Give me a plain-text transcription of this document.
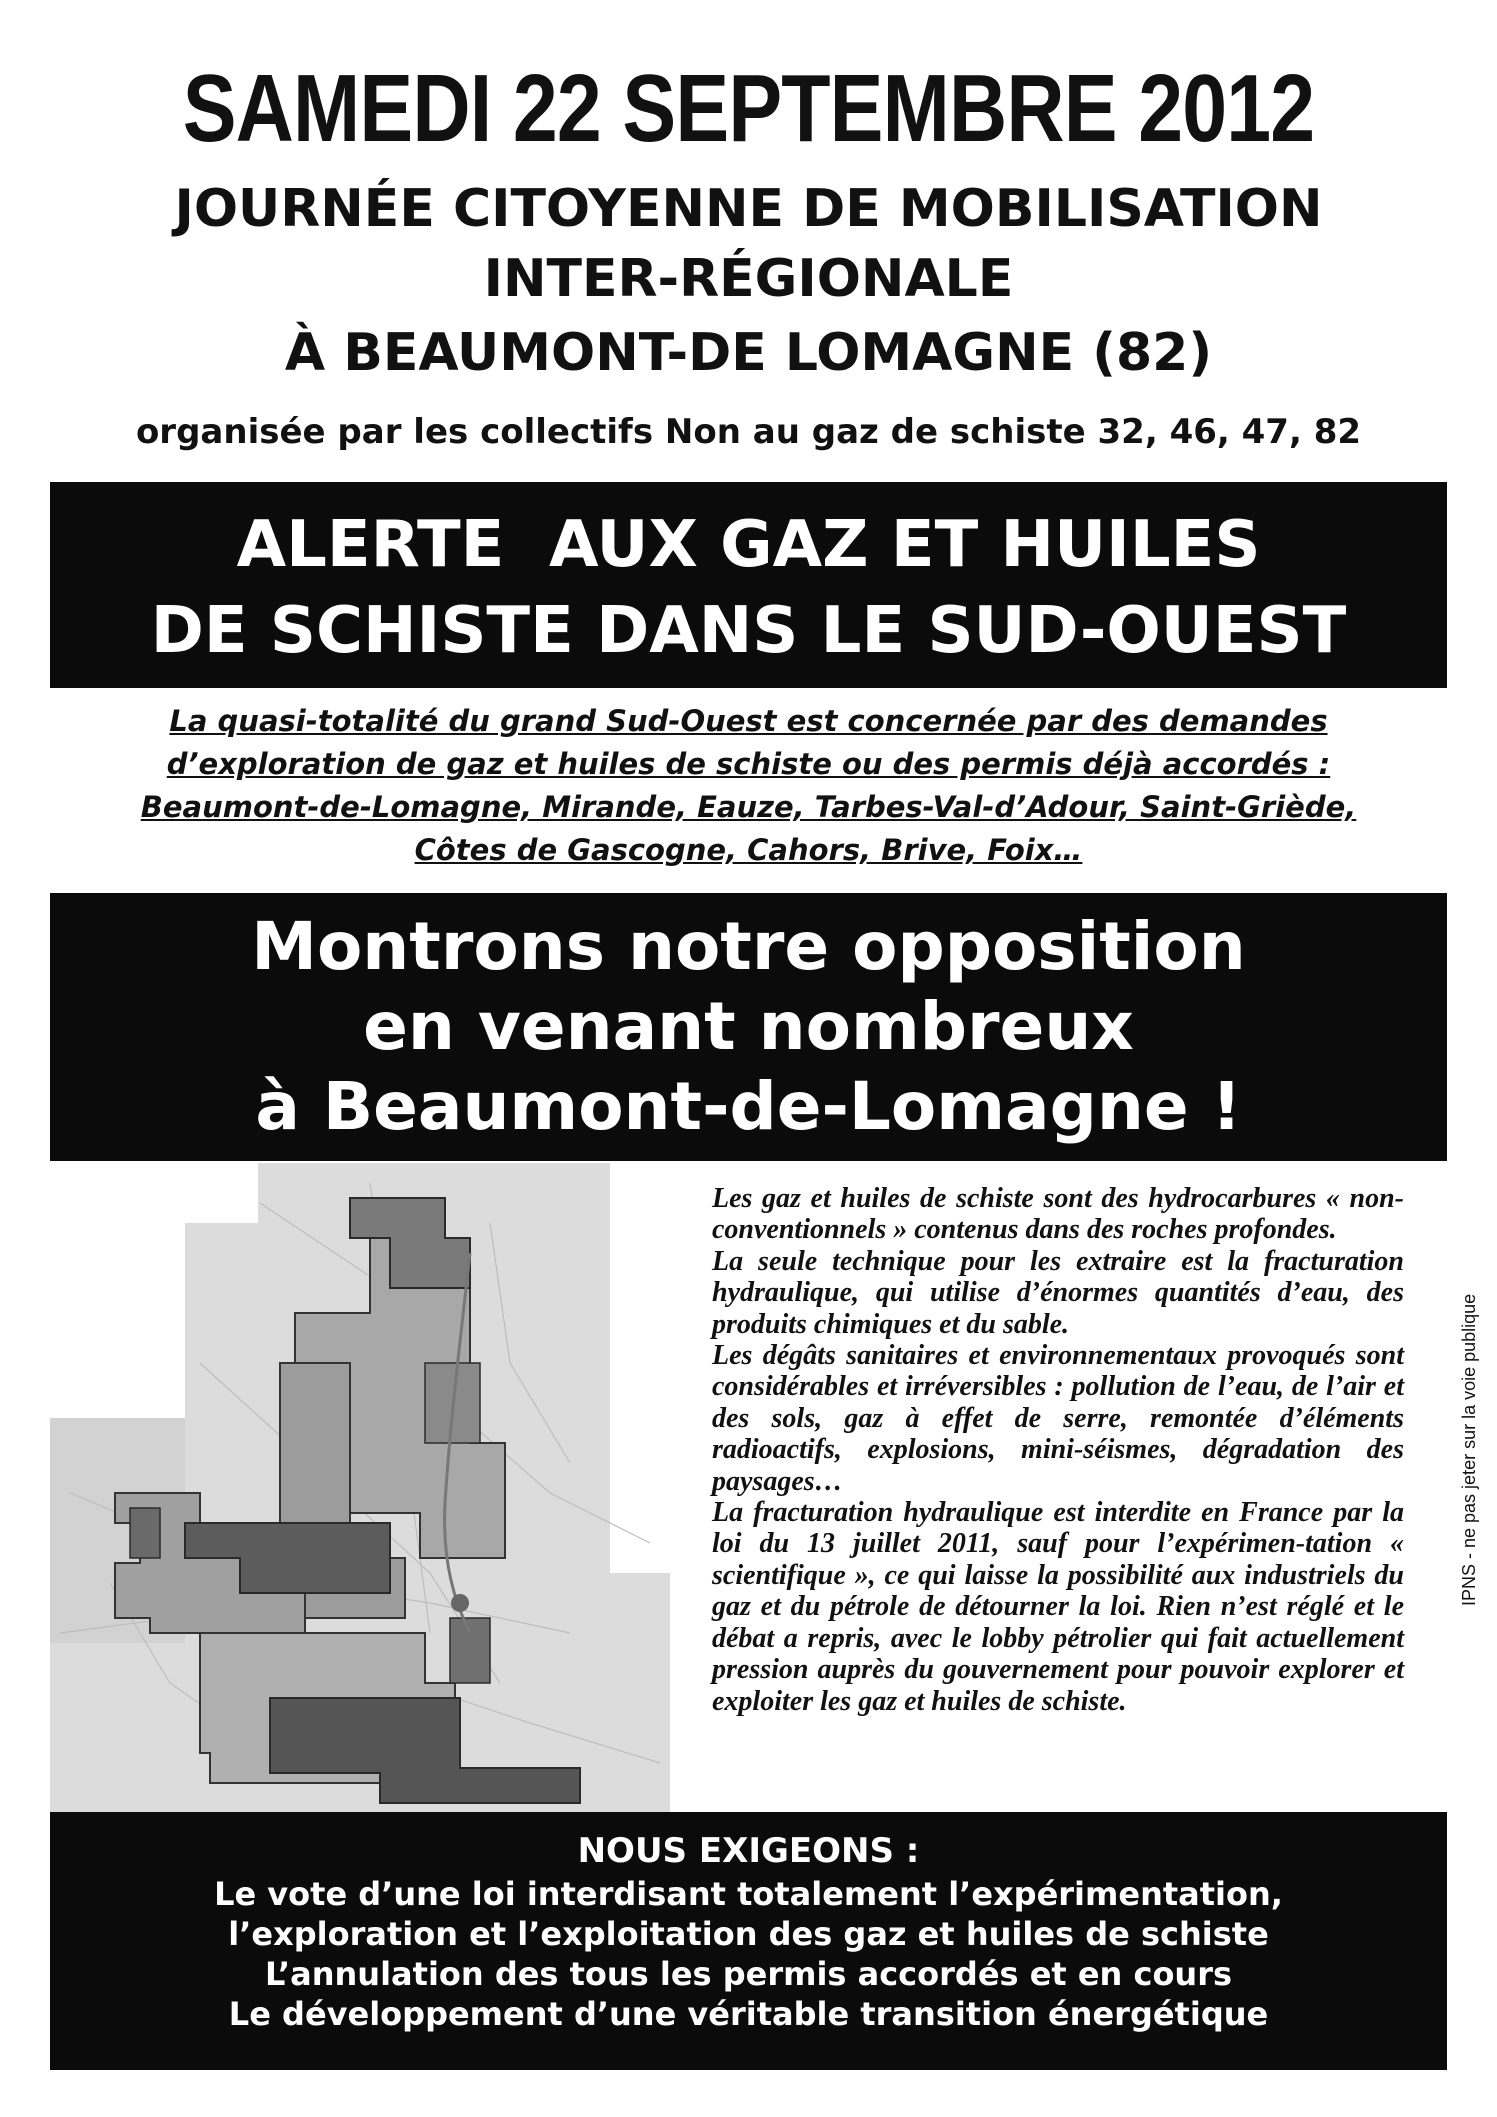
SAMEDI 22 SEPTEMBRE 2012
JOURNÉE CITOYENNE DE MOBILISATION
INTER-RÉGIONALE
À BEAUMONT-DE LOMAGNE (82)
organisée par les collectifs Non au gaz de schiste 32, 46, 47, 82
ALERTE  AUX GAZ ET HUILES
DE SCHISTE DANS LE SUD-OUEST
La quasi-totalité du grand Sud-Ouest est concernée par des demandes
d’exploration de gaz et huiles de schiste ou des permis déjà accordés :
Beaumont-de-Lomagne, Mirande, Eauze, Tarbes-Val-d’Adour, Saint-Griède,
Côtes de Gascogne, Cahors, Brive, Foix…
Montrons notre opposition
en venant nombreux
à Beaumont-de-Lomagne !

Les gaz et huiles de schiste sont des hydrocarbures « non-conventionnels » contenus dans des roches profondes.

La seule technique pour les extraire est la fracturation hydraulique, qui utilise d’énormes quantités d’eau, des produits chimiques et du sable.

Les dégâts sanitaires et environnementaux provoqués sont considérables et irréversibles : pollution de l’eau, de l’air et des sols, gaz à effet de serre, remontée d’éléments radioactifs, explosions, mini-séismes, dégradation des paysages…

La fracturation hydraulique est interdite en France par la loi du 13 juillet 2011, sauf pour l’expérimen-tation « scientifique », ce qui laisse la possibilité aux industriels du gaz et du pétrole de détourner la loi. Rien n’est réglé et le débat a repris, avec le lobby pétrolier qui fait actuellement pression auprès du gouvernement pour pouvoir explorer et exploiter les gaz et huiles de schiste.

IPNS - ne pas jeter sur la voie publique
NOUS EXIGEONS :
Le vote d’une loi interdisant totalement l’expérimentation,
l’exploration et l’exploitation des gaz et huiles de schiste
L’annulation des tous les permis accordés et en cours
Le développement d’une véritable transition énergétique
